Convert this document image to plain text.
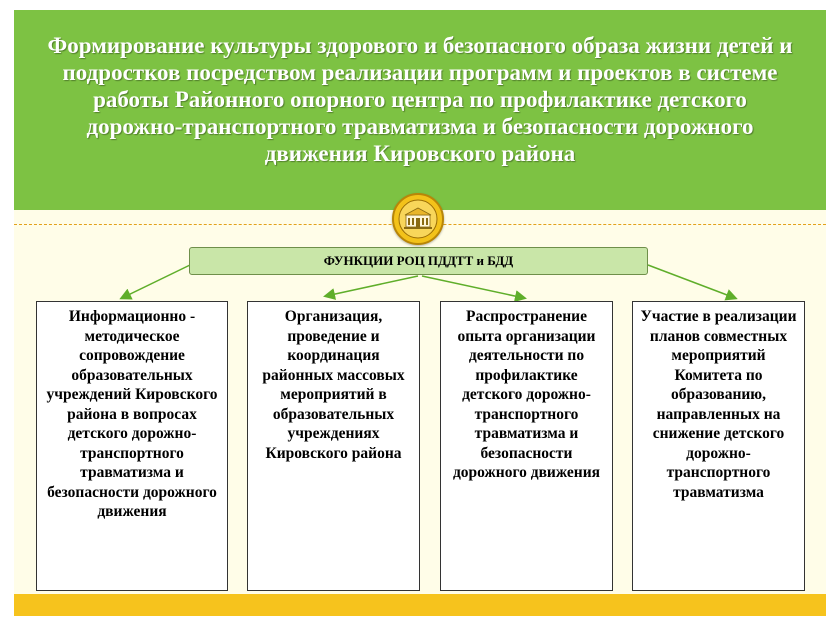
Формирование культуры здорового и безопасного образа жизни детей и подростков посредством реализации программ и проектов в системе работы Районного опорного центра по профилактике детского дорожно-транспортного травматизма и безопасности дорожного движения Кировского района
ФУНКЦИИ РОЦ ПДДТТ и БДД
Информационно - методическое сопровождение образовательных учреждений Кировского района в вопросах детского дорожно-транспортного травматизма и безопасности дорожного движения
Организация, проведение и координация районных массовых мероприятий в образовательных учреждениях Кировского района
Распространение опыта организации деятельности по профилактике детского дорожно-транспортного травматизма и безопасности дорожного движения
Участие в реализации планов совместных мероприятий Комитета по образованию, направленных на снижение детского дорожно-транспортного травматизма
